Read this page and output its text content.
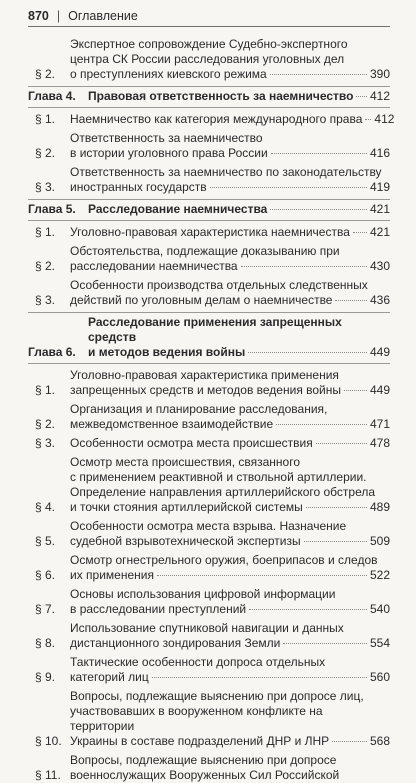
870 | Оглавление
§ 2.
Экспертное сопровождение Судебно-экспертного
центра СК России расследования уголовных дел
о преступлениях киевского режима	390
Глава 4.	Правовая ответственность за наемничество 412
§ 1.	Наемничество как категория международного права 412
§ 2.
Ответственность за наемничество
в истории уголовного права России	416
§ 3.
Ответственность за наемничество по законодательству
иностранных государств	419
Глава 5.	Расследование наемничества	421
§ 1.	Уголовно-правовая характеристика наемничества 421
§ 2.
Обстоятельства, подлежащие доказыванию при
расследовании наемничества	430
§ 3.
Особенности производства отдельных следственных
действий по уголовным делам о наемничестве	436
Глава 6.
Расследование применения запрещенных средств
и методов ведения войны	449
§ 1.
Уголовно-правовая характеристика применения
запрещенных средств и методов ведения войны 449
§ 2.
Организация и планирование расследования,
межведомственное взаимодействие	471
§ 3.	Особенности осмотра места происшествия	478
§ 4.
Осмотр места происшествия, связанного
с применением реактивной и ствольной артиллерии.
Определение направления артиллерийского обстрела
и точки стояния артиллерийской системы	489
§ 5.
Особенности осмотра места взрыва. Назначение
судебной взрывотехнической экспертизы	509
§ 6.
Осмотр огнестрельного оружия, боеприпасов и следов
их применения	522
§ 7.
Основы использования цифровой информации
в расследовании преступлений	540
§ 8.
Использование спутниковой навигации и данных
дистанционного зондирования Земли	554
§ 9.
Тактические особенности допроса отдельных
категорий лиц	560
§ 10.
Вопросы, подлежащие выяснению при допросе лиц,
участвовавших в вооруженном конфликте на территории
Украины в составе подразделений ДНР и ЛНР	568
§ 11.
Вопросы, подлежащие выяснению при допросе
военнослужащих Вооруженных Сил Российской
